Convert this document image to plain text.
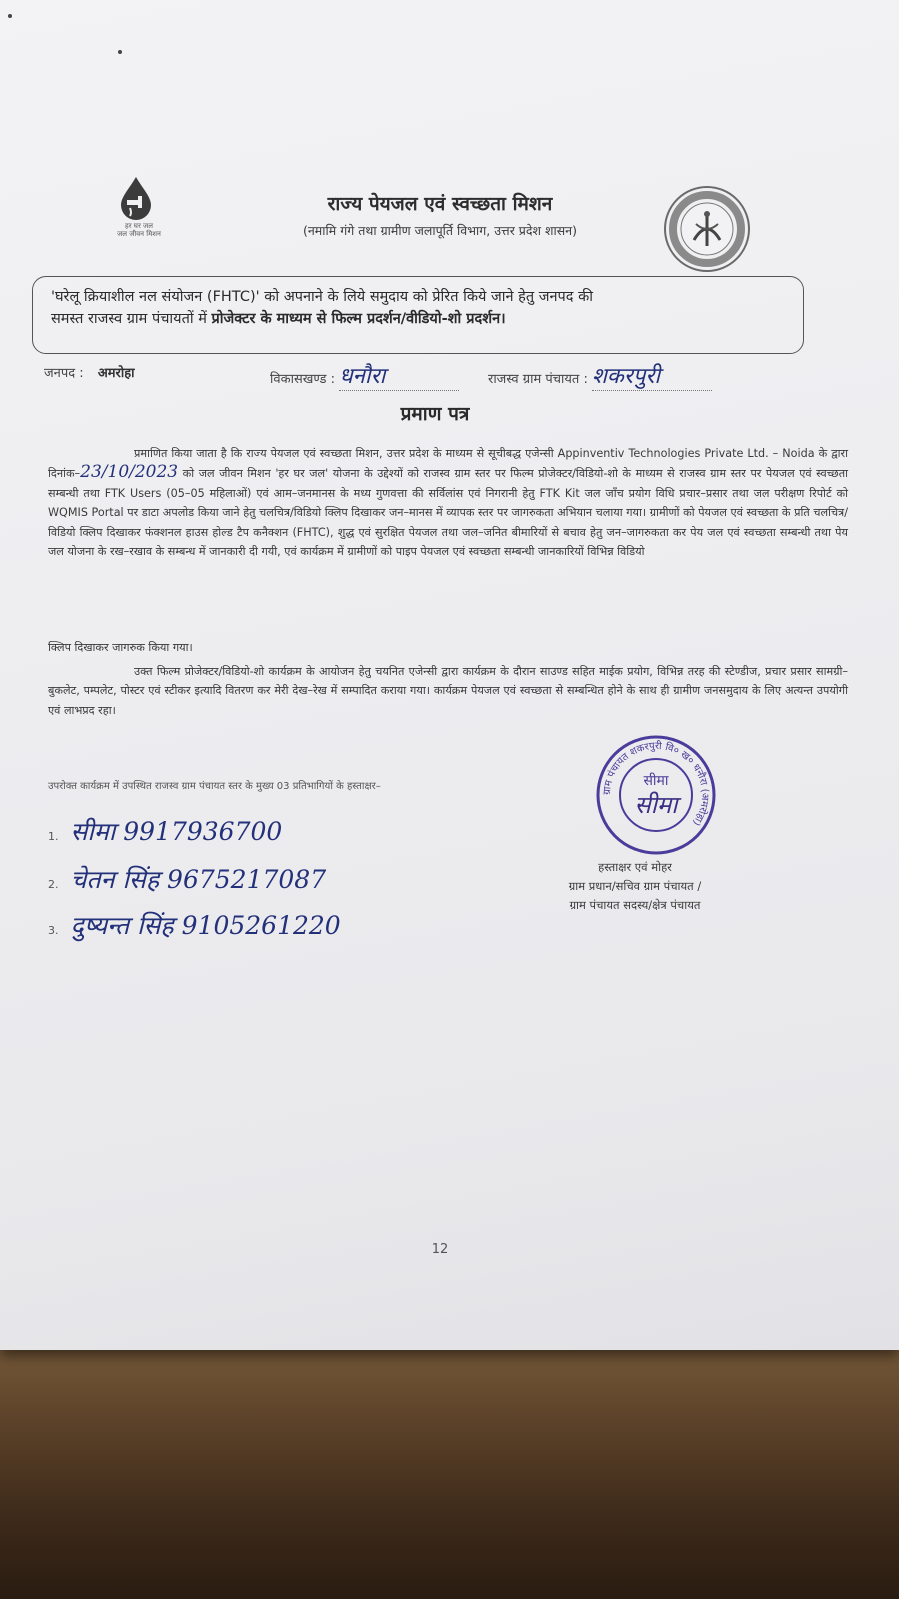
हर घर जल
जल जीवन मिशन
राज्य पेयजल एवं स्वच्छता मिशन
(नमामि गंगे तथा ग्रामीण जलापूर्ति विभाग, उत्तर प्रदेश शासन)
'घरेलू क्रियाशील नल संयोजन (FHTC)' को अपनाने के लिये समुदाय को प्रेरित किये जाने हेतु जनपद की
समस्त राजस्व ग्राम पंचायतों में प्रोजेक्टर के माध्यम से फिल्म प्रदर्शन/वीडियो-शो प्रदर्शन।
जनपद : अमरोहा	विकासखण्ड : धनौरा	राजस्व ग्राम पंचायत : शकरपुरी
प्रमाण पत्र
प्रमाणित किया जाता है कि राज्य पेयजल एवं स्वच्छता मिशन, उत्तर प्रदेश के माध्यम से सूचीबद्ध एजेन्सी Appinventiv Technologies Private Ltd. – Noida के द्वारा दिनांक–23/10/2023 को जल जीवन मिशन 'हर घर जल' योजना के उद्देश्यों को राजस्व ग्राम स्तर पर फिल्म प्रोजेक्टर/विडियो-शो के माध्यम से राजस्व ग्राम स्तर पर पेयजल एवं स्वच्छता सम्बन्धी तथा FTK Users (05–05 महिलाओं) एवं आम–जनमानस के मध्य गुणवत्ता की सर्विलांस एवं निगरानी हेतु FTK Kit जल जाँच प्रयोग विधि प्रचार–प्रसार तथा जल परीक्षण रिपोर्ट को WQMIS Portal पर डाटा अपलोड किया जाने हेतु चलचित्र/विडियो क्लिप दिखाकर जन–मानस में व्यापक स्तर पर जागरुकता अभियान चलाया गया। ग्रामीणों को पेयजल एवं स्वच्छता के प्रति चलचित्र/विडियो क्लिप दिखाकर फंक्शनल हाउस होल्ड टैप कनैक्शन (FHTC), शुद्ध एवं सुरक्षित पेयजल तथा जल–जनित बीमारियों से बचाव हेतु जन–जागरुकता कर पेय जल एवं स्वच्छता सम्बन्धी तथा पेय जल योजना के रख–रखाव के सम्बन्ध में जानकारी दी गयी, एवं कार्यक्रम में ग्रामीणों को पाइप पेयजल एवं स्वच्छता सम्बन्धी जानकारियों विभिन्न विडियो
क्लिप दिखाकर जागरुक किया गया।
उक्त फिल्म प्रोजेक्टर/विडियो-शो कार्यक्रम के आयोजन हेतु चयनित एजेन्सी द्वारा कार्यक्रम के दौरान साउण्ड सहित माईक प्रयोग, विभिन्न तरह की स्टेण्डीज, प्रचार प्रसार सामग्री–बुकलेट, पम्पलेट, पोस्टर एवं स्टीकर इत्यादि वितरण कर मेरी देख–रेख में सम्पादित कराया गया। कार्यक्रम पेयजल एवं स्वच्छता से सम्बन्धित होने के साथ ही ग्रामीण जनसमुदाय के लिए अत्यन्त उपयोगी एवं लाभप्रद रहा।
उपरोक्त कार्यक्रम में उपस्थित राजस्व ग्राम पंचायत स्तर के मुख्य 03 प्रतिभागियों के हस्ताक्षर–
1. सीमा 9917936700
2. चेतन सिंह 9675217087
3. दुष्यन्त सिंह 9105261220
ग्राम पंचायत शकरपुरी वि० ख० धनौरा (अमरोहा)
सीमा
सीमा
हस्ताक्षर एवं मोहर
ग्राम प्रधान/सचिव ग्राम पंचायत /
ग्राम पंचायत सदस्य/क्षेत्र पंचायत
12
